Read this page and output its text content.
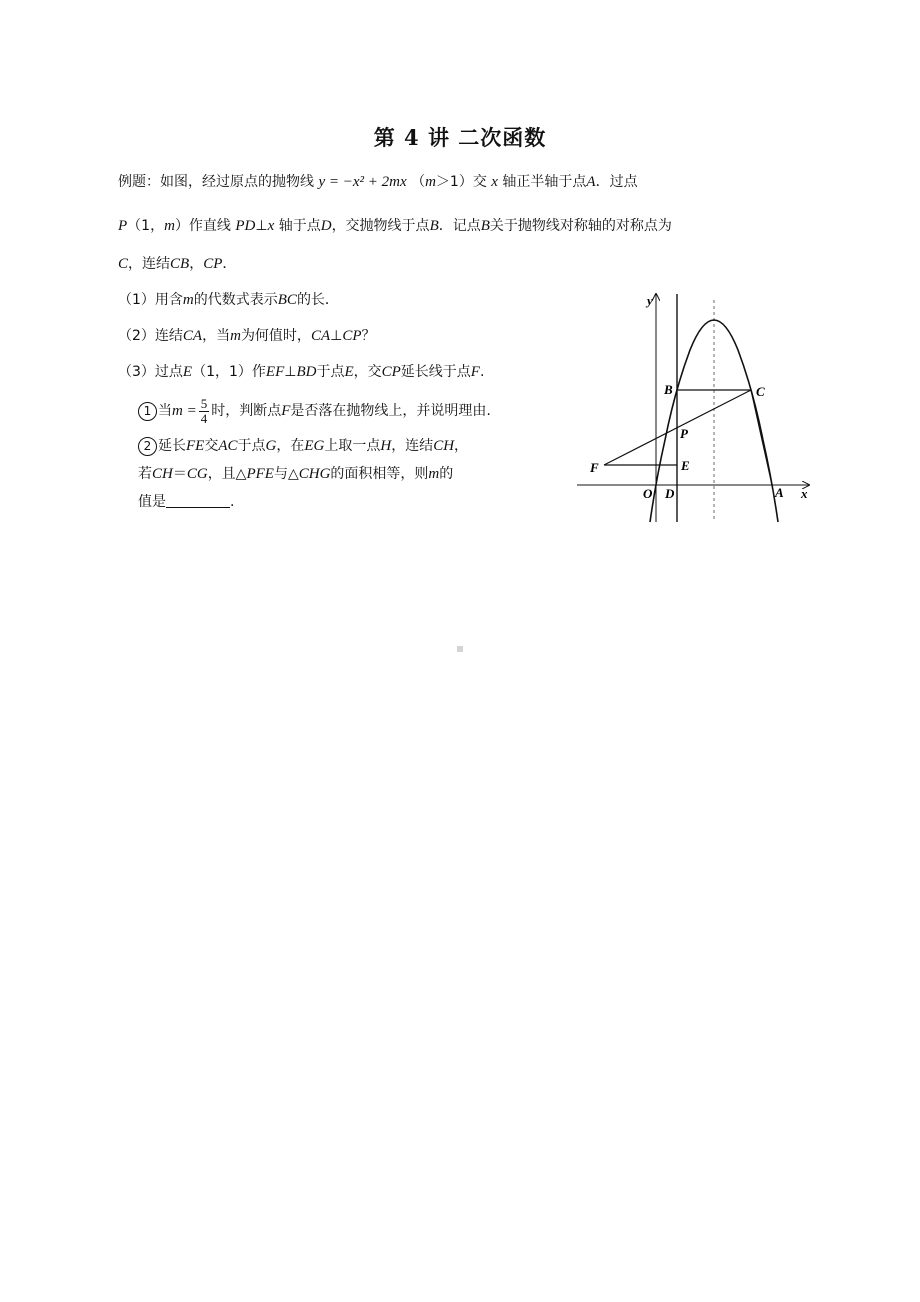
第 4 讲 二次函数
例题：如图，经过原点的抛物线 y = −x² + 2mx （m＞1）交 x 轴正半轴于点A．过点
P（1，m）作直线 PD⊥x 轴于点D，交抛物线于点B．记点B关于抛物线对称轴的对称点为
C，连结CB，CP．
（1）用含m的代数式表示BC的长．
（2）连结CA，当m为何值时，CA⊥CP？
（3）过点E（1，1）作EF⊥BD于点E，交CP延长线于点F.
1 当$m = \frac{5}{4}$ 时，判断点F是否落在抛物线上，并说明理由.
2 延长FE交AC于点G，在EG上取一点H，连结CH，
若CH＝CG，且△PFE与△CHG的面积相等，则m的
值是	.
y
x
O D	A
B	C
P
E
F
